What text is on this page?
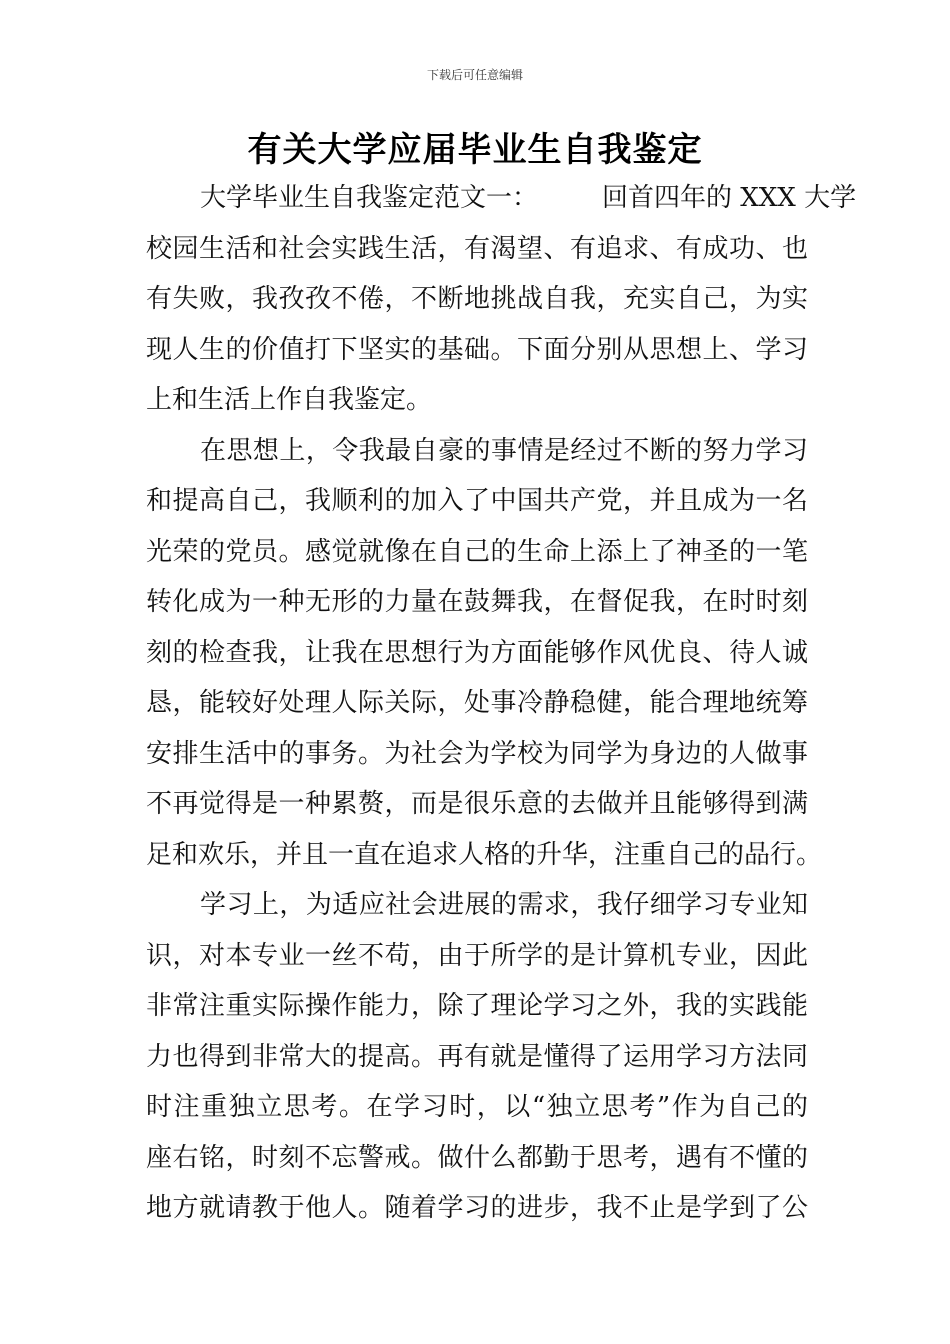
下载后可任意编辑
有关大学应届毕业生自我鉴定
大学毕业生自我鉴定范文一： 回首四年的 XXX 大学
校园生活和社会实践生活，有渴望、有追求、有成功、也
有失败，我孜孜不倦，不断地挑战自我，充实自己，为实
现人生的价值打下坚实的基础。下面分别从思想上、学习
上和生活上作自我鉴定。
在思想上，令我最自豪的事情是经过不断的努力学习
和提高自己，我顺利的加入了中国共产党，并且成为一名
光荣的党员。感觉就像在自己的生命上添上了神圣的一笔
转化成为一种无形的力量在鼓舞我，在督促我，在时时刻
刻的检查我，让我在思想行为方面能够作风优良、待人诚
恳，能较好处理人际关际，处事冷静稳健，能合理地统筹
安排生活中的事务。为社会为学校为同学为身边的人做事
不再觉得是一种累赘，而是很乐意的去做并且能够得到满
足和欢乐，并且一直在追求人格的升华，注重自己的品行。
学习上，为适应社会进展的需求，我仔细学习专业知
识，对本专业一丝不苟，由于所学的是计算机专业，因此
非常注重实际操作能力，除了理论学习之外，我的实践能
力也得到非常大的提高。再有就是懂得了运用学习方法同
时注重独立思考。在学习时，以“独立思考”作为自己的
座右铭，时刻不忘警戒。做什么都勤于思考，遇有不懂的
地方就请教于他人。随着学习的进步，我不止是学到了公
